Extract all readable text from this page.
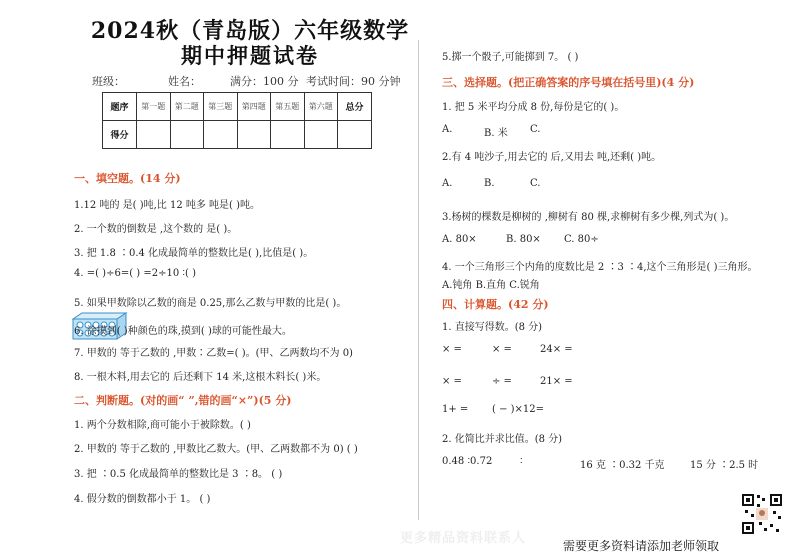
2024秋（青岛版）六年级数学
期中押题试卷
班级：	姓名：	满分：100 分 考试时间：90 分钟
题序	第一题	第二题	第三题	第四题	第五题	第六题	总分
得分							
一、填空题。(14 分)
1.12 吨的 是( )吨,比 12 吨多 吨是( )吨。
2. 一个数的倒数是 ,这个数的 是( )。
3. 把 1.8 ∶0.4 化成最简单的整数比是( ),比值是( )。
4. =( )÷6=( ) =2÷10 ∶( )
5. 如果甲数除以乙数的商是 0.25,那么乙数与甲数的比是( )。
6. 涂摸到( )种颜色的珠,摸到( )球的可能性最大。
7. 甲数的 等于乙数的 ,甲数∶乙数=( )。(甲、乙两数均不为 0)
8. 一根木料,用去它的 后还剩下 14 米,这根木料长( )米。
二、判断题。(对的画“ ”,错的画“×”)(5 分)
1. 两个分数相除,商可能小于被除数。( )
2. 甲数的 等于乙数的 ,甲数比乙数大。(甲、乙两数都不为 0) ( )
3. 把 ∶0.5 化成最简单的整数比是 3 ∶8。 ( )
4. 假分数的倒数都小于 1。 ( )
5.掷一个骰子,可能掷到 7。 ( )
三、选择题。(把正确答案的序号填在括号里)(4 分)
1. 把 5 米平均分成 8 份,每份是它的( )。
A.	B. 米 C.
2.有 4 吨沙子,用去它的 后,又用去 吨,还剩( )吨。
A.	B.	C.
3.杨树的棵数是柳树的 ,柳树有 80 棵,求柳树有多少棵,列式为( )。
A. 80×	B. 80× C. 80÷
4. 一个三角形三个内角的度数比是 2 ∶3 ∶4,这个三角形是( )三角形。
A.钝角 B.直角 C.锐角
四、计算题。(42 分)
1. 直接写得数。(8 分)
× =	× =	24× =
× =	÷ =	21× =
1+ = ( − )×12=
2. 化简比并求比值。(8 分)
0.48 ∶0.72	∶	16 克 ∶0.32 千克	15 分 ∶2.5 时
更多精品资料联系人	需要更多资料请添加老师领取
